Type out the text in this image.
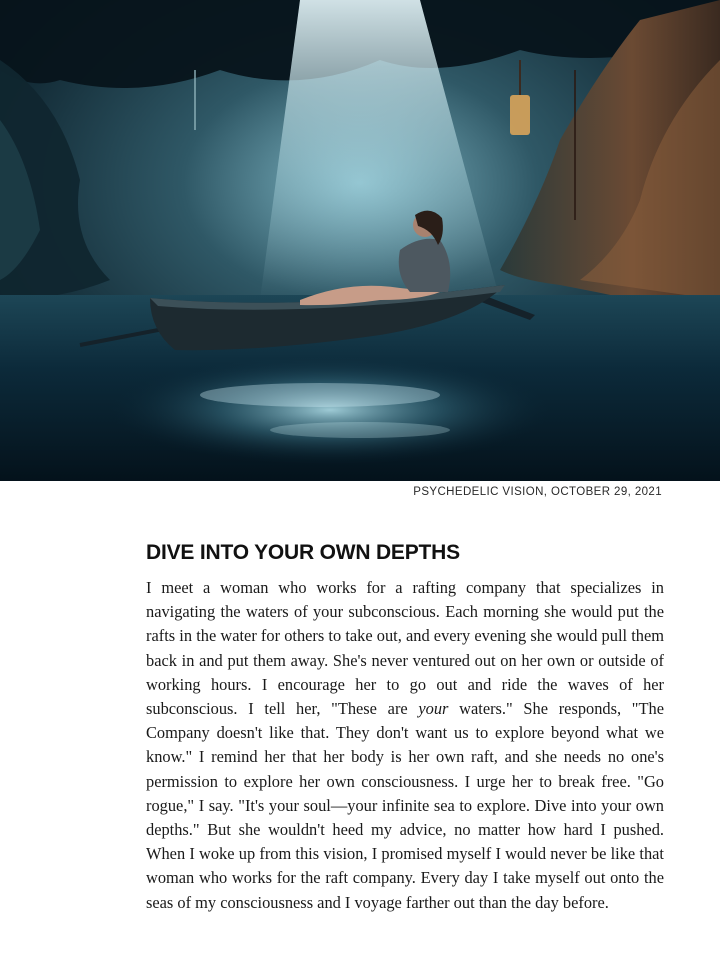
PSYCHEDELIC VISION, OCTOBER 29, 2021
DIVE INTO YOUR OWN DEPTHS

I meet a woman who works for a rafting company that specializes in navigating the waters of your subconscious. Each morning she would put the rafts in the water for others to take out, and every evening she would pull them back in and put them away. She's never ventured out on her own or outside of working hours. I encourage her to go out and ride the waves of her subconscious. I tell her, "These are your waters." She responds, "The Company doesn't like that. They don't want us to explore beyond what we know." I remind her that her body is her own raft, and she needs no one's permission to explore her own consciousness. I urge her to break free. "Go rogue," I say. "It's your soul—your infinite sea to explore. Dive into your own depths." But she wouldn't heed my advice, no matter how hard I pushed. When I woke up from this vision, I promised myself I would never be like that woman who works for the raft company. Every day I take myself out onto the seas of my consciousness and I voyage farther out than the day before.
